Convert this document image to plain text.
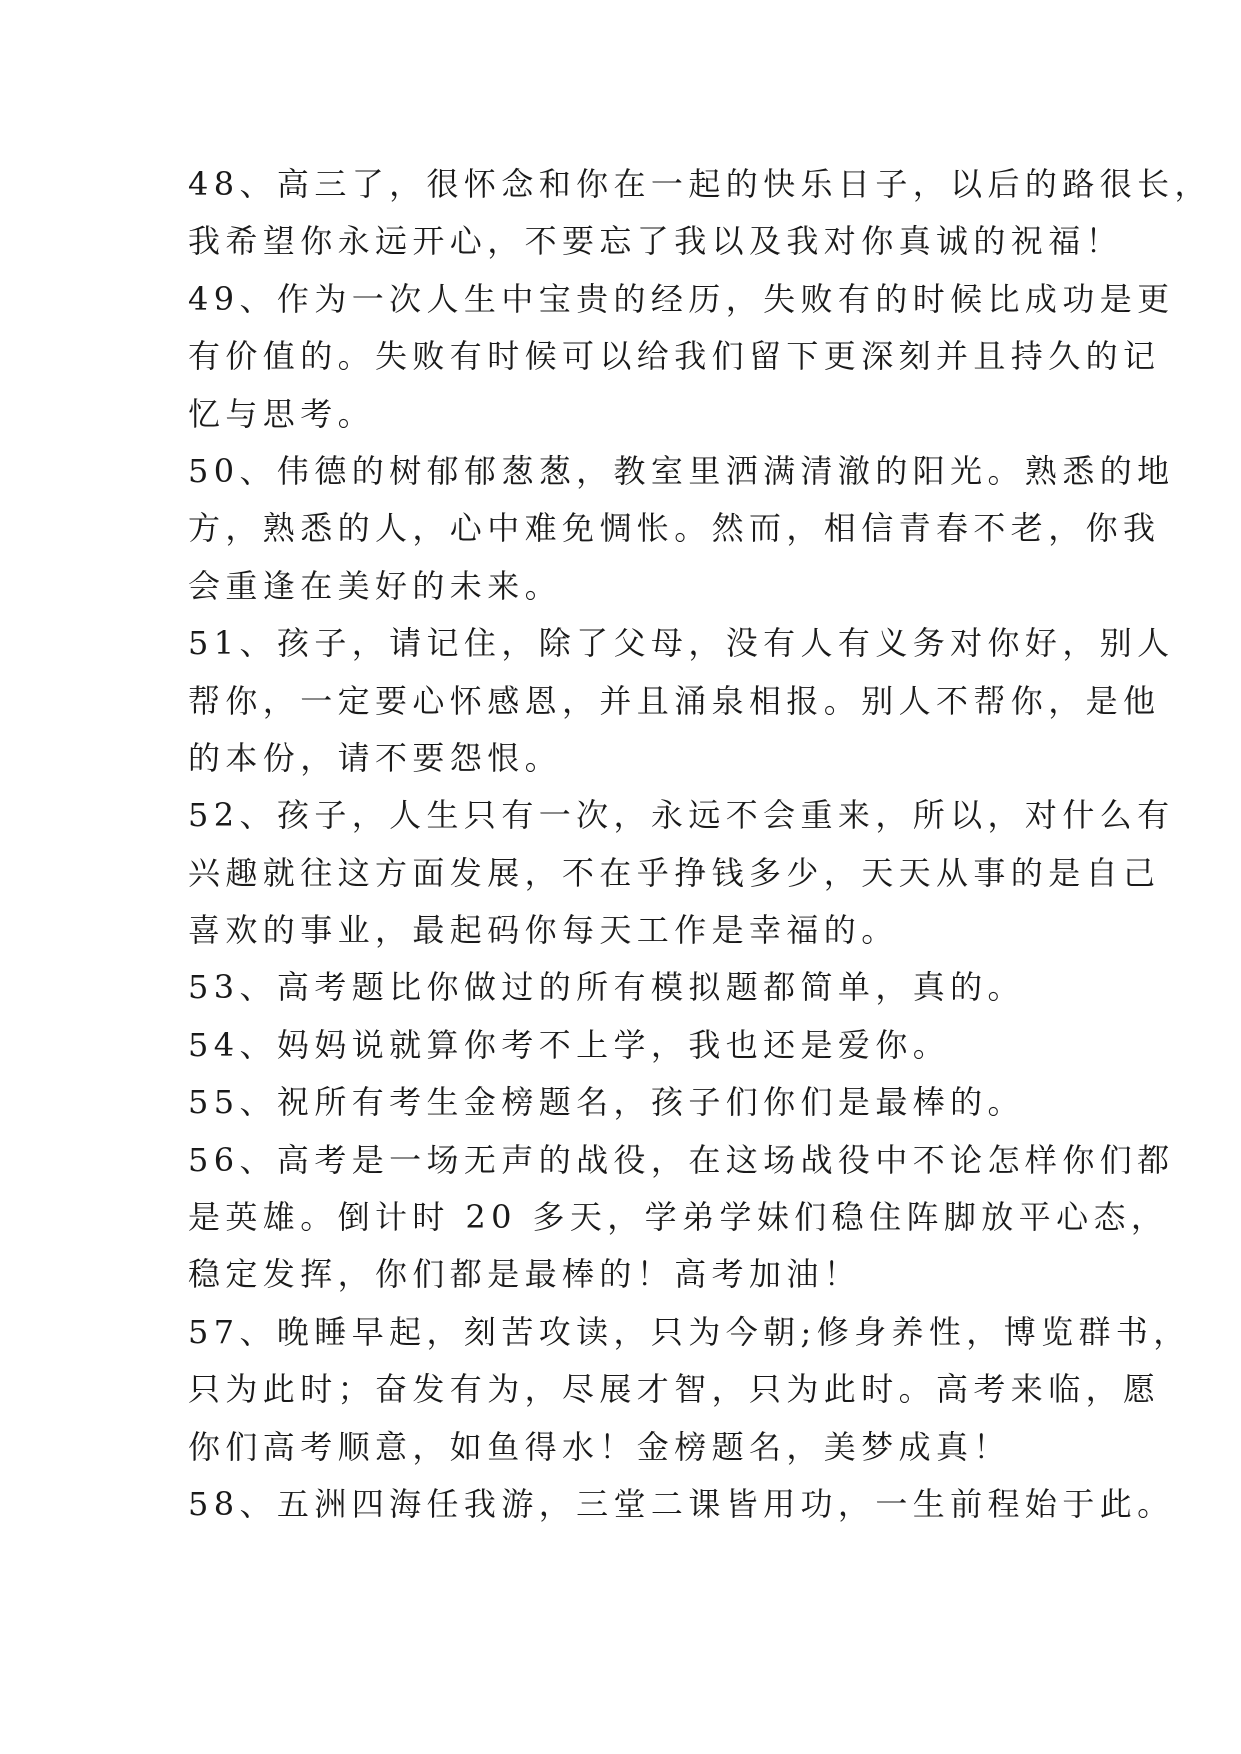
48、高三了，很怀念和你在一起的快乐日子，以后的路很长，
我希望你永远开心，不要忘了我以及我对你真诚的祝福！
49、作为一次人生中宝贵的经历，失败有的时候比成功是更
有价值的。失败有时候可以给我们留下更深刻并且持久的记
忆与思考。
50、伟德的树郁郁葱葱，教室里洒满清澈的阳光。熟悉的地
方，熟悉的人，心中难免惆怅。然而，相信青春不老，你我
会重逢在美好的未来。
51、孩子，请记住，除了父母，没有人有义务对你好，别人
帮你，一定要心怀感恩，并且涌泉相报。别人不帮你，是他
的本份，请不要怨恨。
52、孩子，人生只有一次，永远不会重来，所以，对什么有
兴趣就往这方面发展，不在乎挣钱多少，天天从事的是自己
喜欢的事业，最起码你每天工作是幸福的。
53、高考题比你做过的所有模拟题都简单，真的。
54、妈妈说就算你考不上学，我也还是爱你。
55、祝所有考生金榜题名，孩子们你们是最棒的。
56、高考是一场无声的战役，在这场战役中不论怎样你们都
是英雄。倒计时 20 多天，学弟学妹们稳住阵脚放平心态，
稳定发挥，你们都是最棒的！高考加油！
57、晚睡早起，刻苦攻读，只为今朝;修身养性，博览群书，
只为此时；奋发有为，尽展才智，只为此时。高考来临，愿
你们高考顺意，如鱼得水！金榜题名，美梦成真！
58、五洲四海任我游，三堂二课皆用功，一生前程始于此。
